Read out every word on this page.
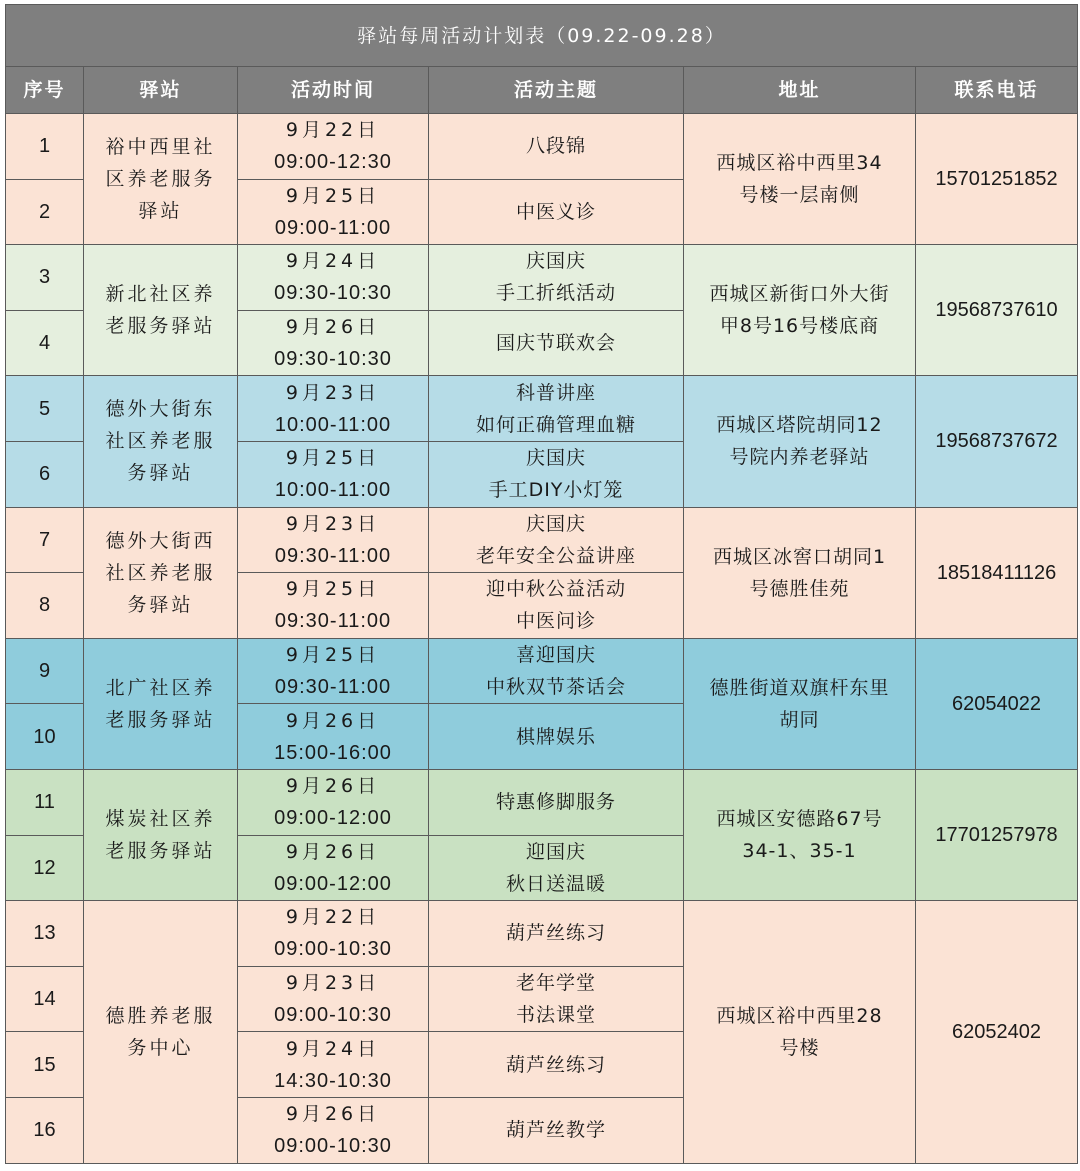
驿站每周活动计划表（09.22-09.28）					
序号	驿站	活动时间	活动主题	地址	联系电话
1	裕中西里社
区养老服务
驿站	9月22日
09:00-12:30	八段锦	西城区裕中西里34
号楼一层南侧	15701251852
2		9月25日
09:00-11:00	中医义诊		

3	新北社区养
老服务驿站	9月24日
09:30-10:30	庆国庆
手工折纸活动	西城区新街口外大街
甲8号16号楼底商	19568737610
4		9月26日
09:30-10:30	国庆节联欢会		

5	德外大街东
社区养老服
务驿站	9月23日
10:00-11:00	科普讲座
如何正确管理血糖	西城区塔院胡同12
号院内养老驿站	19568737672
6		9月25日
10:00-11:00	庆国庆
手工DIY小灯笼		

7	德外大街西
社区养老服
务驿站	9月23日
09:30-11:00	庆国庆
老年安全公益讲座	西城区冰窖口胡同1
号德胜佳苑	18518411126
8		9月25日
09:30-11:00	迎中秋公益活动
中医问诊		

9	北广社区养
老服务驿站	9月25日
09:30-11:00	喜迎国庆
中秋双节茶话会	德胜街道双旗杆东里
胡同	62054022
10		9月26日
15:00-16:00	棋牌娱乐		

11	煤炭社区养
老服务驿站	9月26日
09:00-12:00	特惠修脚服务	西城区安德路67号
34-1、35-1	17701257978
12		9月26日
09:00-12:00	迎国庆
秋日送温暖		

13	德胜养老服
务中心	9月22日
09:00-10:30	葫芦丝练习	西城区裕中西里28
号楼	62052402
14		9月23日
09:00-10:30	老年学堂
书法课堂		

15		9月24日
14:30-10:30	葫芦丝练习		

16		9月26日
09:00-10:30	葫芦丝教学		
